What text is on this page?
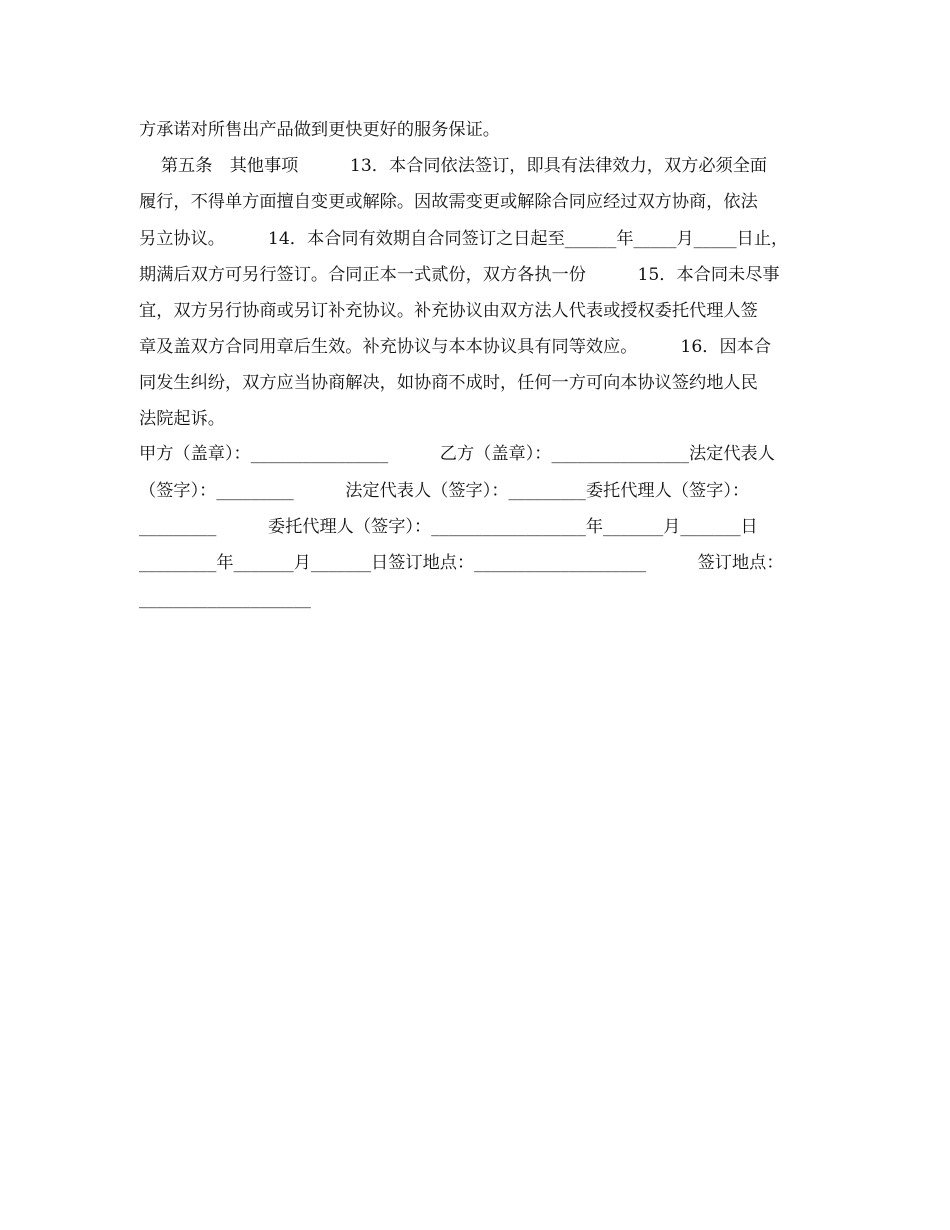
方承诺对所售出产品做到更快更好的服务保证。
第五条　其他事项　　　13．本合同依法签订，即具有法律效力，双方必须全面
履行，不得单方面擅自变更或解除。因故需变更或解除合同应经过双方协商，依法
另立协议。　　　14．本合同有效期自合同签订之日起至______年_____月_____日止，
期满后双方可另行签订。合同正本一式贰份，双方各执一份　　　15．本合同未尽事
宜，双方另行协商或另订补充协议。补充协议由双方法人代表或授权委托代理人签
章及盖双方合同用章后生效。补充协议与本本协议具有同等效应。　　　16．因本合
同发生纠纷，双方应当协商解决，如协商不成时，任何一方可向本协议签约地人民
法院起诉。
甲方（盖章）：________________　　　乙方（盖章）：________________法定代表人
（签字）：_________　　　法定代表人（签字）：_________委托代理人（签字）：
_________　　　委托代理人（签字）：__________________年_______月_______日
_________年_______月_______日签订地点：____________________　　　签订地点：
____________________
